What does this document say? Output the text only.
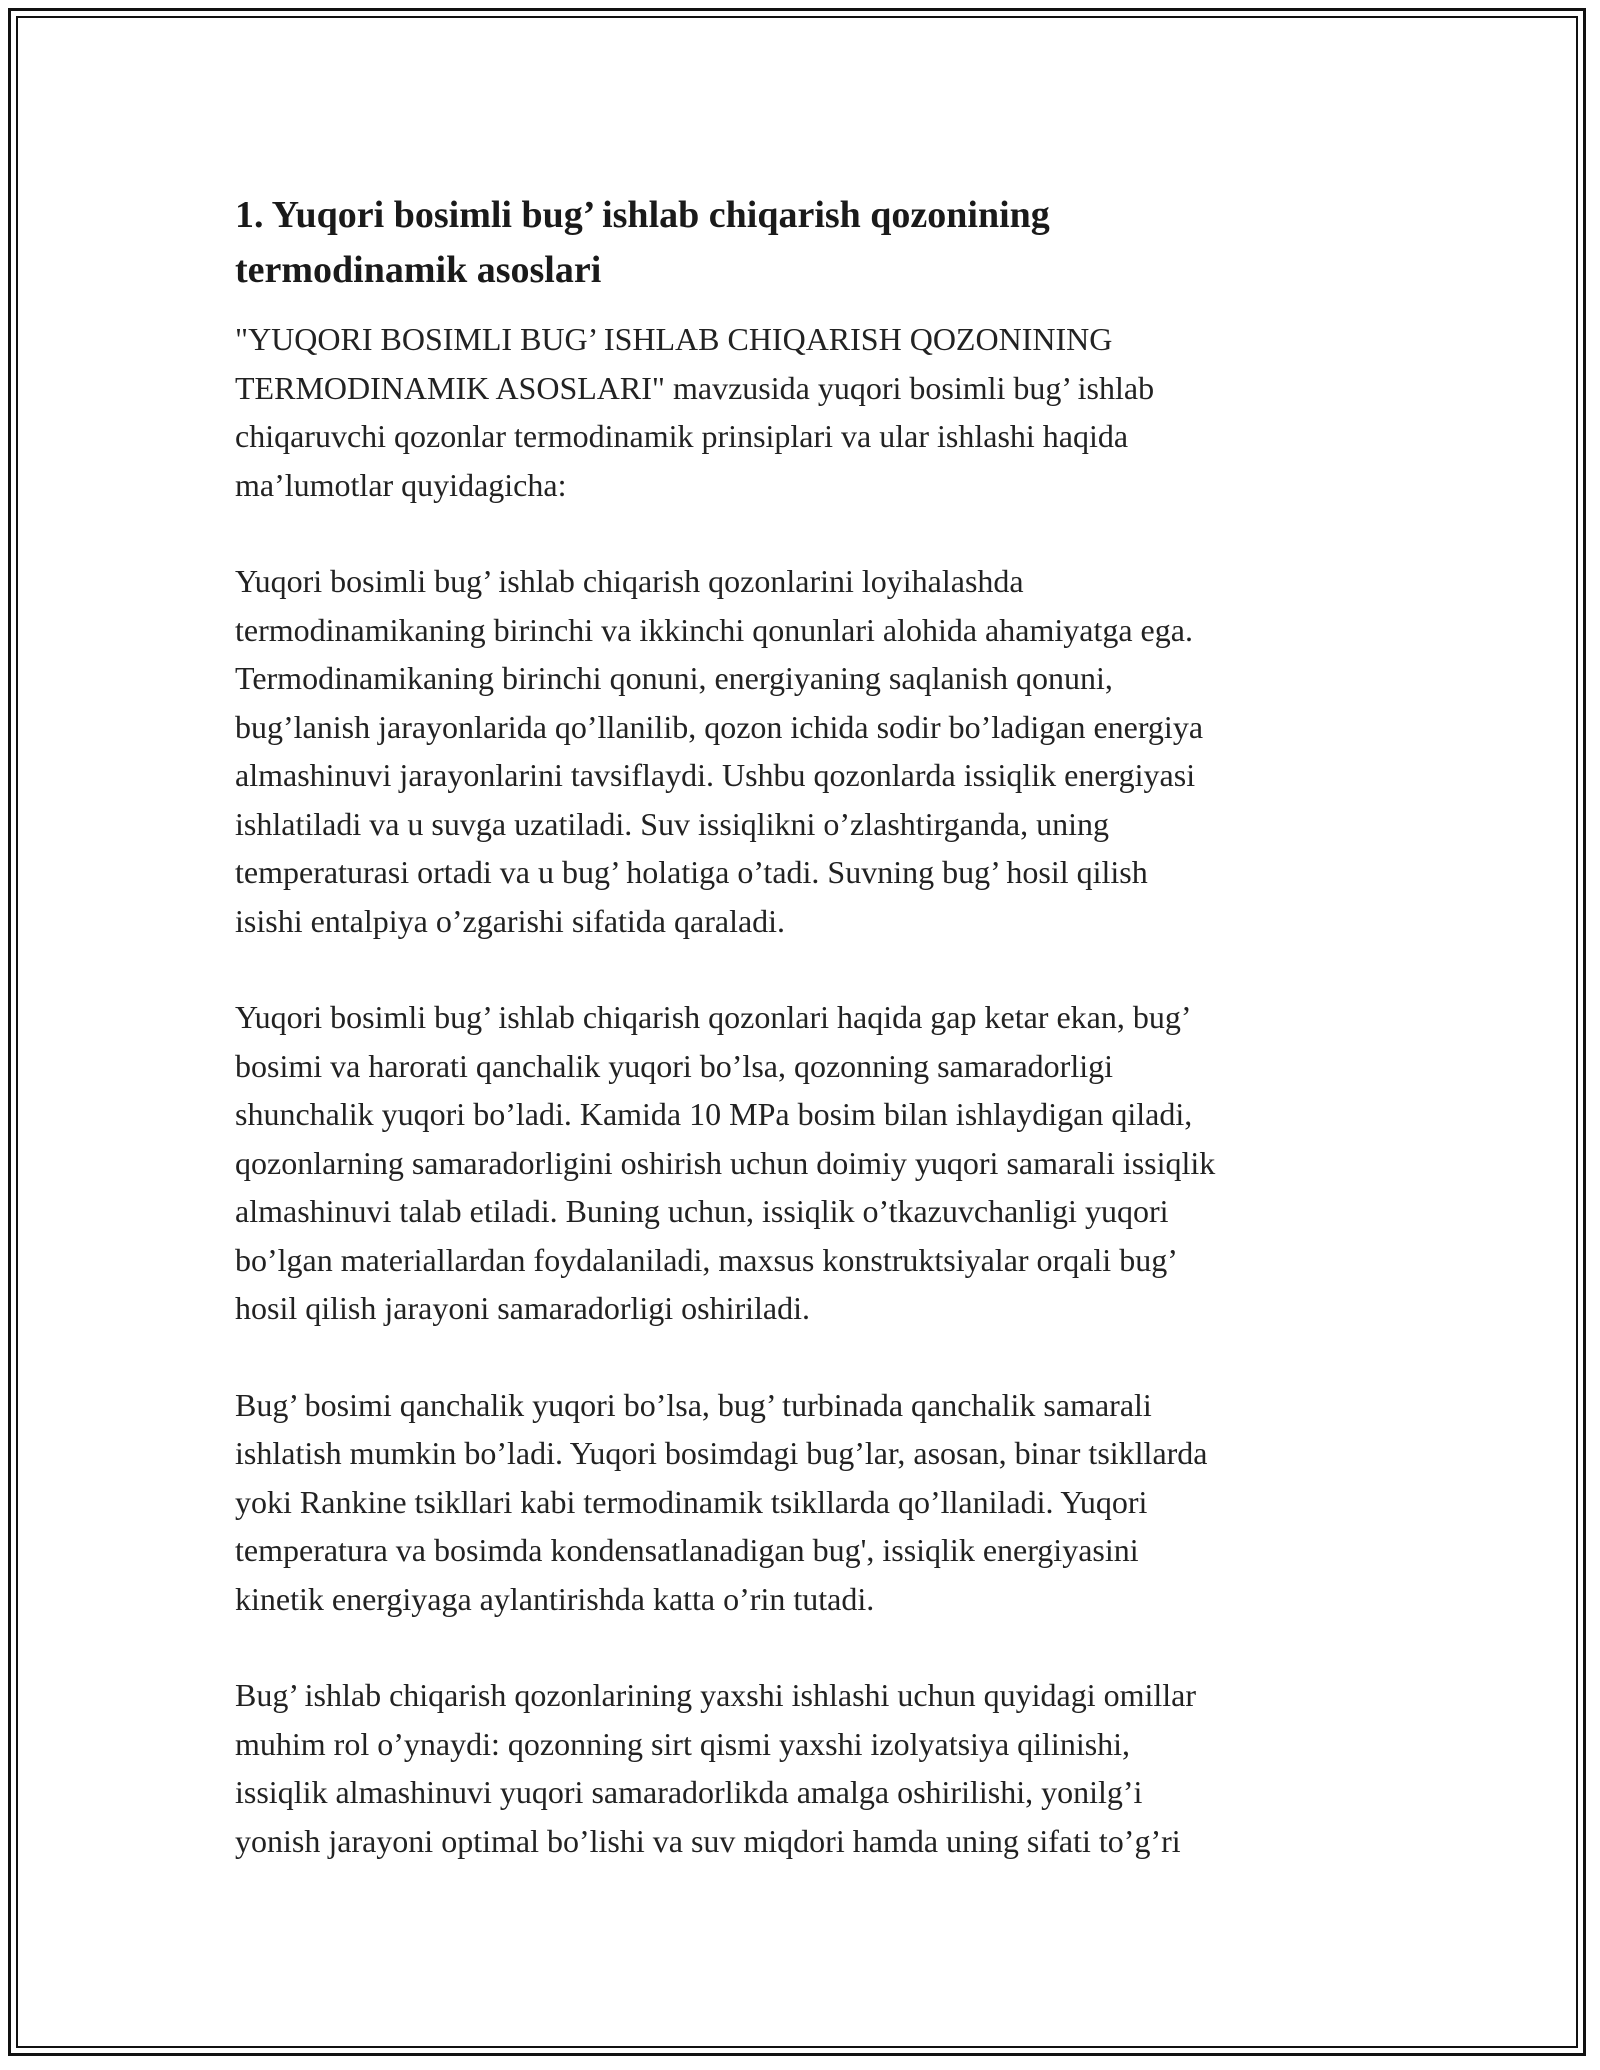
1. Yuqori bosimli bug’ ishlab chiqarish qozonining
termodinamik asoslari

"YUQORI BOSIMLI BUG’ ISHLAB CHIQARISH QOZONINING
TERMODINAMIK ASOSLARI" mavzusida yuqori bosimli bug’ ishlab
chiqaruvchi qozonlar termodinamik prinsiplari va ular ishlashi haqida
ma’lumotlar quyidagicha:

Yuqori bosimli bug’ ishlab chiqarish qozonlarini loyihalashda
termodinamikaning birinchi va ikkinchi qonunlari alohida ahamiyatga ega.
Termodinamikaning birinchi qonuni, energiyaning saqlanish qonuni,
bug’lanish jarayonlarida qo’llanilib, qozon ichida sodir bo’ladigan energiya
almashinuvi jarayonlarini tavsiflaydi. Ushbu qozonlarda issiqlik energiyasi
ishlatiladi va u suvga uzatiladi. Suv issiqlikni o’zlashtirganda, uning
temperaturasi ortadi va u bug’ holatiga o’tadi. Suvning bug’ hosil qilish
isishi entalpiya o’zgarishi sifatida qaraladi.

Yuqori bosimli bug’ ishlab chiqarish qozonlari haqida gap ketar ekan, bug’
bosimi va harorati qanchalik yuqori bo’lsa, qozonning samaradorligi
shunchalik yuqori bo’ladi. Kamida 10 MPa bosim bilan ishlaydigan qiladi,
qozonlarning samaradorligini oshirish uchun doimiy yuqori samarali issiqlik
almashinuvi talab etiladi. Buning uchun, issiqlik o’tkazuvchanligi yuqori
bo’lgan materiallardan foydalaniladi, maxsus konstruktsiyalar orqali bug’
hosil qilish jarayoni samaradorligi oshiriladi.

Bug’ bosimi qanchalik yuqori bo’lsa, bug’ turbinada qanchalik samarali
ishlatish mumkin bo’ladi. Yuqori bosimdagi bug’lar, asosan, binar tsikllarda
yoki Rankine tsikllari kabi termodinamik tsikllarda qo’llaniladi. Yuqori
temperatura va bosimda kondensatlanadigan bug', issiqlik energiyasini
kinetik energiyaga aylantirishda katta o’rin tutadi.

Bug’ ishlab chiqarish qozonlarining yaxshi ishlashi uchun quyidagi omillar
muhim rol o’ynaydi: qozonning sirt qismi yaxshi izolyatsiya qilinishi,
issiqlik almashinuvi yuqori samaradorlikda amalga oshirilishi, yonilg’i
yonish jarayoni optimal bo’lishi va suv miqdori hamda uning sifati to’g’ri
